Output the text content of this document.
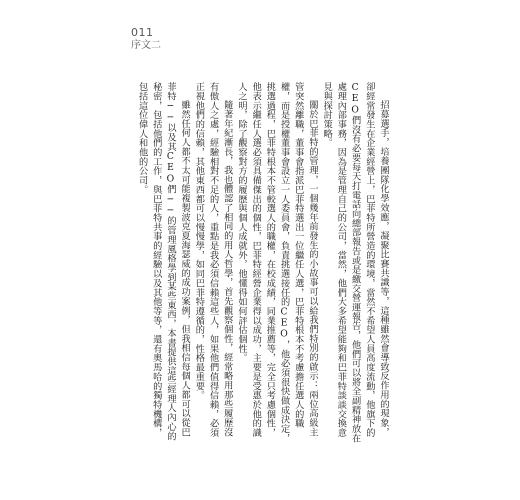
011
序文二

招募選手，培養團隊化學效應，凝聚比賽共識等，這種雖然會導致反作用的現象，卻經常發生在企業經營上，巴菲特所營造的環境，當然不希望人員高度流動，他旗下的CEO們沒有必要每天打電話向總部報告或是繳交營運報告，他們可以將全副精神放在處理內部事務，因為是管理自己的公司，當然，他們大多希望能夠和巴菲特談談交換意見與探討策略。

關於巴菲特的管理，一個幾年前發生的小故事可以給我們特別的啟示：兩位高級主管突然離職，董事會指派巴菲特選出一位繼任人選，巴菲特根本不考慮擔任選人的職權，而是授權董事會設立一人委員會，負責挑選接任的CEO，他必須很快做成決定，挑選過程，巴菲特根本不管較選人的職權，在校成績，同業推薦等，完全只考慮個性，他表示繼任人選必須具備傑出的個性，巴菲特經營企業得以成功，主要是受惠於他的識人之明，除了觀察對方的履歷與個人成就外，他懂得如何評估個性。

隨著年紀漸長，我也體認了相同的用人哲學，首先觀察個性，經常略用那些履歷沒有傲人之處，經驗相對不足的人，重點是我必須信賴這些人，如果他們值得信賴，必須正視他們的信賴，其他東西都可以慢慢學，如同巴菲特遵循的，性格最重要。

雖然任何人都不太可能複製波克夏海瑟威的成功案例，但我相信每個人都可以從巴菲特──以及其CEO們──的管理風格學到某些東西，本書提供這些經理人內心的秘密，包括他們的工作，與巴菲特共事的經驗以及其他等等，還有奧馬哈的獨特機構，包括這位偉人和他的公司。
